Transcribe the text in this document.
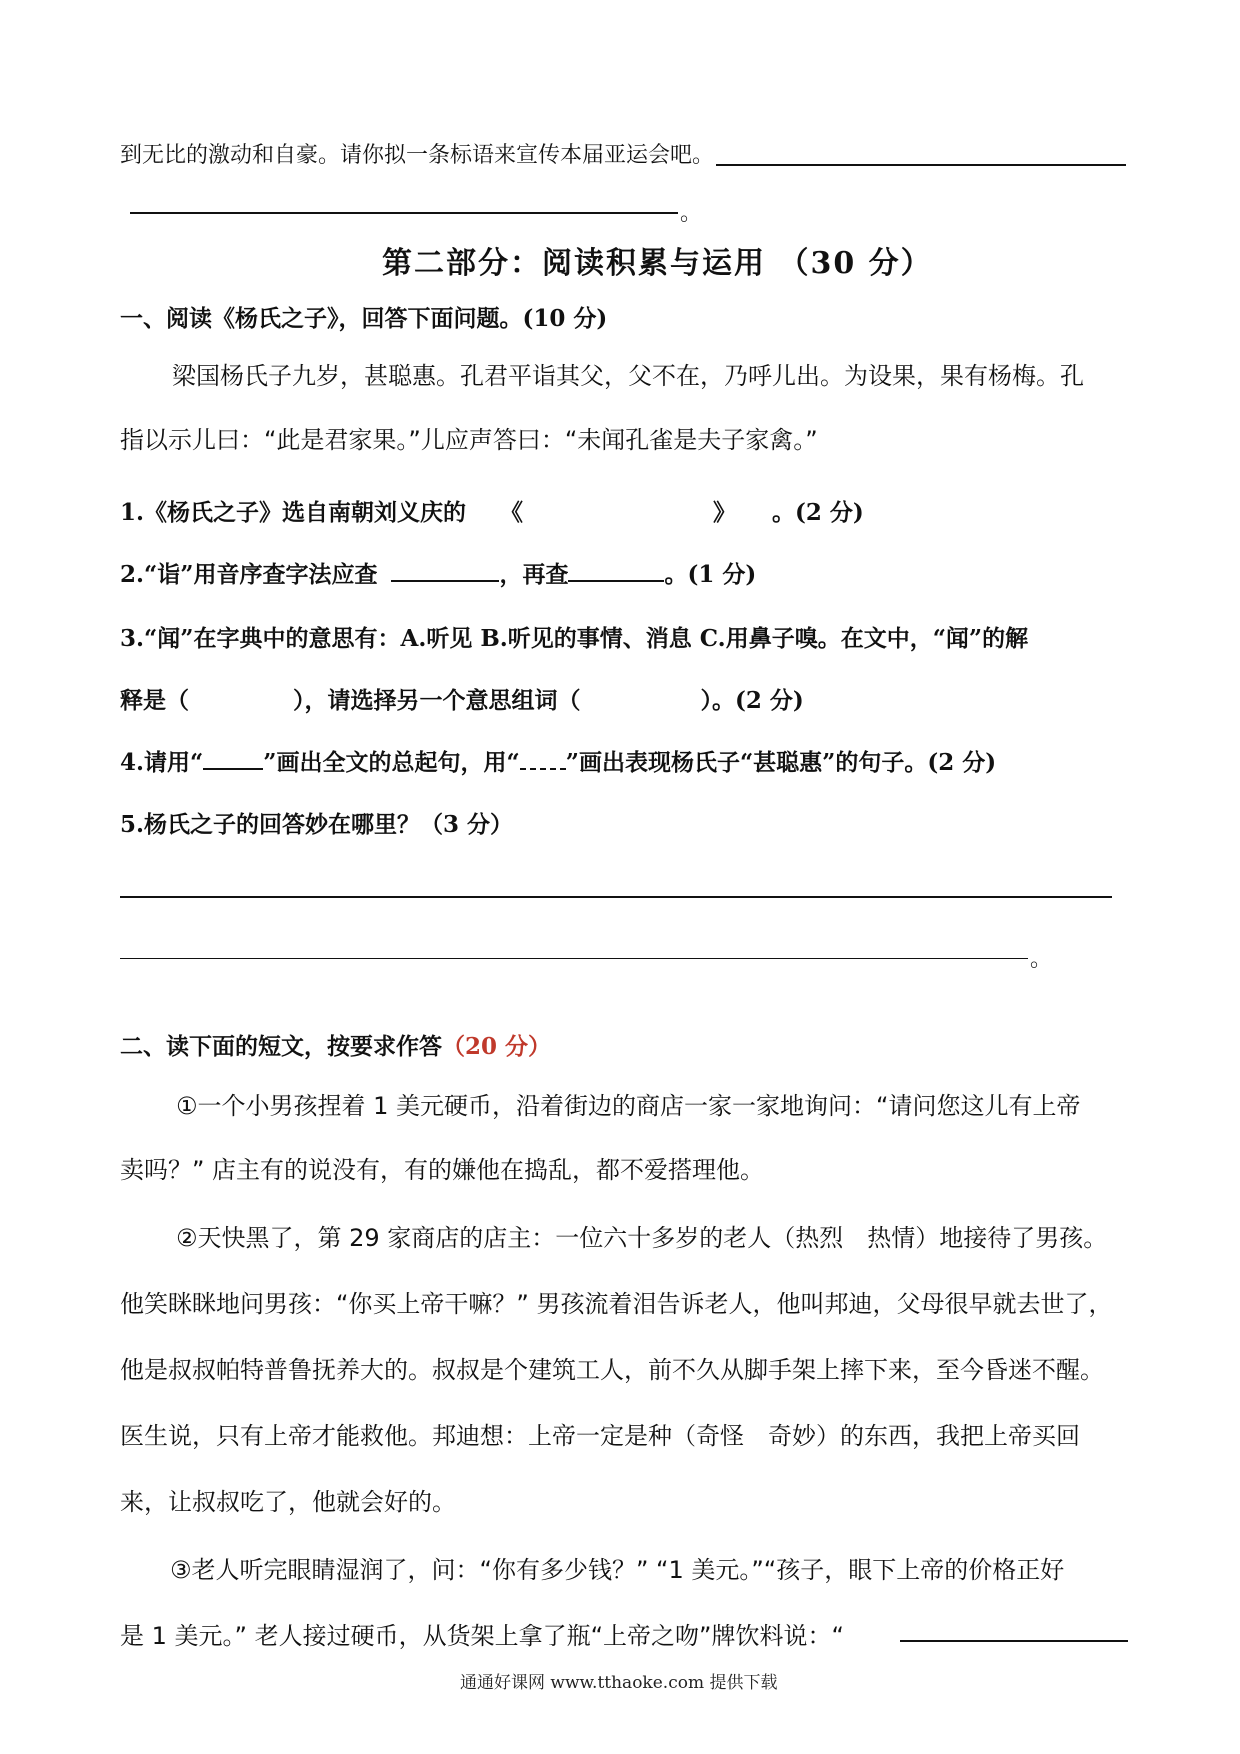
到无比的激动和自豪。请你拟一条标语来宣传本届亚运会吧。
。
第二部分：阅读积累与运用 （30 分）
一、阅读《杨氏之子》，回答下面问题。(10 分)
梁国杨氏子九岁，甚聪惠。孔君平诣其父，父不在，乃呼儿出。为设果，果有杨梅。孔
指以示儿曰：“此是君家果。”儿应声答曰：“未闻孔雀是夫子家禽。”
1.《杨氏之子》选自南朝刘义庆的 《	》 。(2 分)
2.“诣”用音序查字法应查	，再查	。(1 分)
3.“闻”在字典中的意思有：A.听见 B.听见的事情、消息 C.用鼻子嗅。在文中，“闻”的解
释是（	），请选择另一个意思组词（	）。(2 分)
4.请用“	”画出全文的总起句，用“ ”画出表现杨氏子“甚聪惠”的句子。(2 分)
5.杨氏之子的回答妙在哪里？（3 分）
。
二、读下面的短文，按要求作答（20 分）
①一个小男孩捏着 1 美元硬币，沿着街边的商店一家一家地询问：“请问您这儿有上帝
卖吗？” 店主有的说没有，有的嫌他在捣乱，都不爱搭理他。
②天快黑了，第 29 家商店的店主：一位六十多岁的老人（热烈　热情）地接待了男孩。
他笑眯眯地问男孩：“你买上帝干嘛？” 男孩流着泪告诉老人，他叫邦迪，父母很早就去世了，
他是叔叔帕特普鲁抚养大的。叔叔是个建筑工人，前不久从脚手架上摔下来，至今昏迷不醒。
医生说，只有上帝才能救他。邦迪想：上帝一定是种（奇怪　奇妙）的东西，我把上帝买回
来，让叔叔吃了，他就会好的。
③老人听完眼睛湿润了，问：“你有多少钱？” “1 美元。”“孩子，眼下上帝的价格正好
是 1 美元。” 老人接过硬币，从货架上拿了瓶“上帝之吻”牌饮料说：“
通通好课网 www.tthaoke.com 提供下载
